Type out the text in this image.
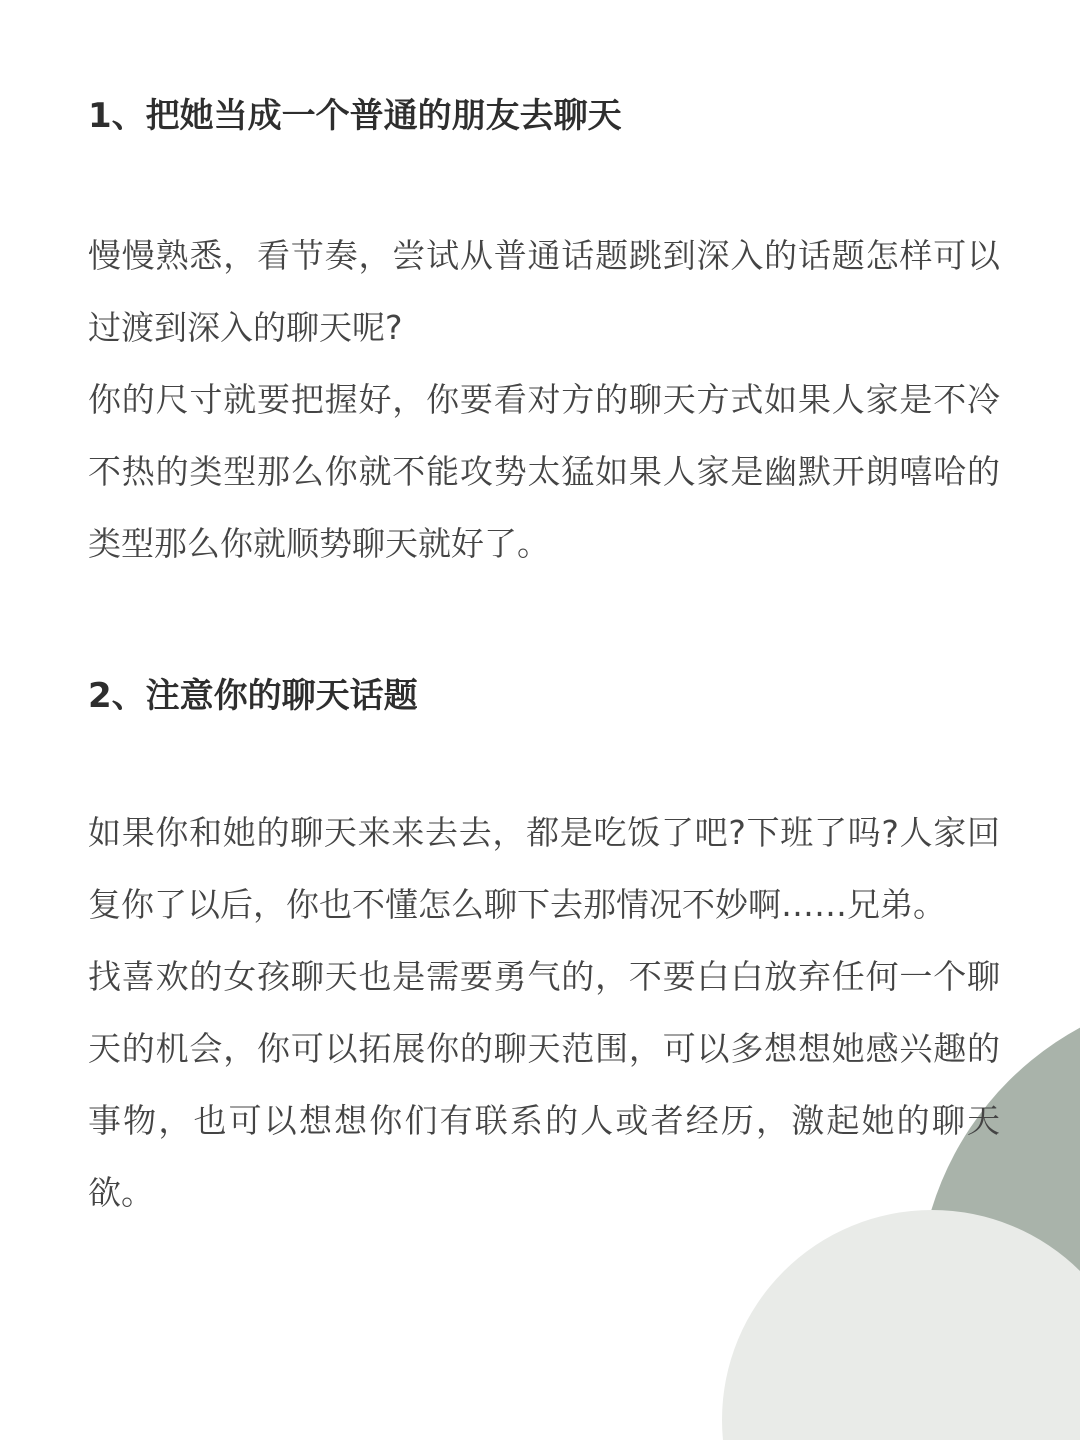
1、把她当成一个普通的朋友去聊天

慢慢熟悉，看节奏，尝试从普通话题跳到深入的话题怎样可以过渡到深入的聊天呢?

你的尺寸就要把握好，你要看对方的聊天方式如果人家是不冷不热的类型那么你就不能攻势太猛如果人家是幽默开朗嘻哈的类型那么你就顺势聊天就好了。

2、注意你的聊天话题

如果你和她的聊天来来去去，都是吃饭了吧?下班了吗?人家回复你了以后，你也不懂怎么聊下去那情况不妙啊……兄弟。

找喜欢的女孩聊天也是需要勇气的，不要白白放弃任何一个聊天的机会，你可以拓展你的聊天范围，可以多想想她感兴趣的事物，也可以想想你们有联系的人或者经历，激起她的聊天欲。
